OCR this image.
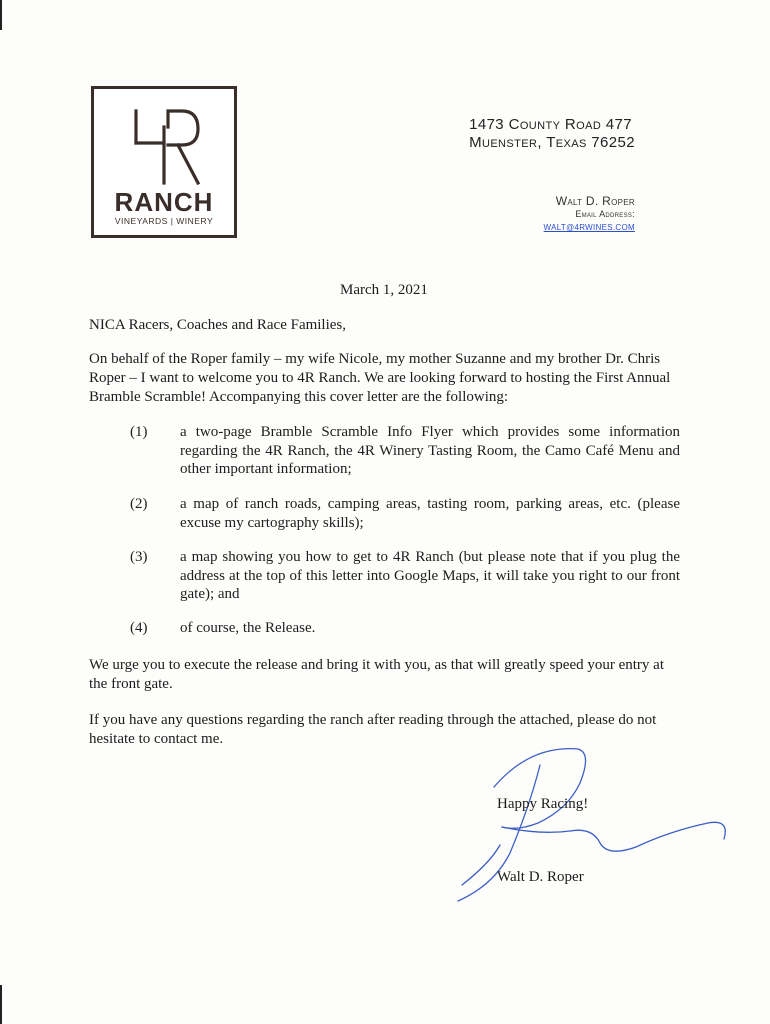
RANCH
VINEYARDS | WINERY
1473 County Road 477
Muenster, Texas 76252
Walt D. Roper
Email Address:
WALT@4RWINES.COM
March 1, 2021
NICA Racers, Coaches and Race Families,
On behalf of the Roper family – my wife Nicole, my mother Suzanne and my brother Dr. Chris Roper – I want to welcome you to 4R Ranch. We are looking forward to hosting the First Annual Bramble Scramble! Accompanying this cover letter are the following:
(1) a two-page Bramble Scramble Info Flyer which provides some information regarding the 4R Ranch, the 4R Winery Tasting Room, the Camo Café Menu and other important information;
(2) a map of ranch roads, camping areas, tasting room, parking areas, etc. (please excuse my cartography skills);
(3) a map showing you how to get to 4R Ranch (but please note that if you plug the address at the top of this letter into Google Maps, it will take you right to our front gate); and
(4) of course, the Release.
We urge you to execute the release and bring it with you, as that will greatly speed your entry at the front gate.
If you have any questions regarding the ranch after reading through the attached, please do not hesitate to contact me.
Happy Racing!
Walt D. Roper
